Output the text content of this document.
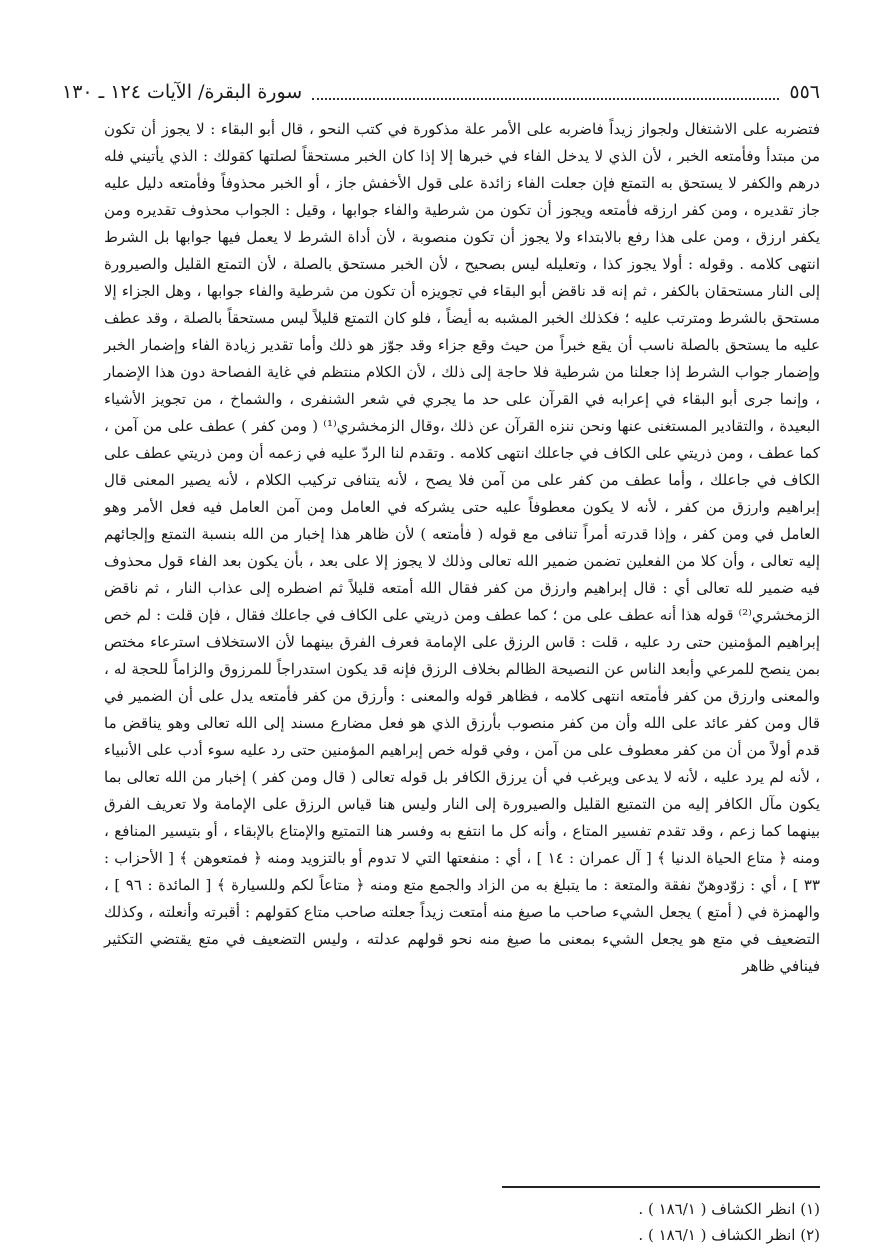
٥٥٦
سورة البقرة/ الآيات ١٢٤ ـ ١٣٠

فتضربه على الاشتغال ولجواز زيداً فاضربه على الأمر علة مذكورة في كتب النحو ، قال أبو البقاء : لا يجوز أن تكون من مبتدأ وفأمتعه الخبر ، لأن الذي لا يدخل الفاء في خبرها إلا إذا كان الخبر مستحقاً لصلتها كقولك : الذي يأتيني فله درهم والكفر لا يستحق به التمتع فإن جعلت الفاء زائدة على قول الأخفش جاز ، أو الخبر محذوفاً وفأمتعه دليل عليه جاز تقديره ، ومن كفر ارزقه فأمتعه ويجوز أن تكون من شرطية والفاء جوابها ، وقيل : الجواب محذوف تقديره ومن يكفر ارزق ، ومن على هذا رفع بالابتداء ولا يجوز أن تكون منصوبة ، لأن أداة الشرط لا يعمل فيها جوابها بل الشرط انتهى كلامه . وقوله : أولا يجوز كذا ، وتعليله ليس بصحيح ، لأن الخبر مستحق بالصلة ، لأن التمتع القليل والصيرورة إلى النار مستحقان بالكفر ، ثم إنه قد ناقض أبو البقاء في تجويزه أن تكون من شرطية والفاء جوابها ، وهل الجزاء إلا مستحق بالشرط ومترتب عليه ؛ فكذلك الخبر المشبه به أيضاً ، فلو كان التمتع قليلاً ليس مستحقاً بالصلة ، وقد عطف عليه ما يستحق بالصلة ناسب أن يقع خبراً من حيث وقع جزاء وقد جوّز هو ذلك وأما تقدير زيادة الفاء وإضمار الخبر وإضمار جواب الشرط إذا جعلنا من شرطية فلا حاجة إلى ذلك ، لأن الكلام منتظم في غاية الفصاحة دون هذا الإضمار ، وإنما جرى أبو البقاء في إعرابه في القرآن على حد ما يجري في شعر الشنفرى ، والشماخ ، من تجويز الأشياء البعيدة ، والتقادير المستغنى عنها ونحن ننزه القرآن عن ذلك ،وقال الزمخشري⁽¹⁾ ( ومن كفر ) عطف على من آمن ، كما عطف ، ومن ذريتي على الكاف في جاعلك انتهى كلامه . وتقدم لنا الردّ عليه في زعمه أن ومن ذريتي عطف على الكاف في جاعلك ، وأما عطف من كفر على من آمن فلا يصح ، لأنه يتنافى تركيب الكلام ، لأنه يصير المعنى قال إبراهيم وارزق من كفر ، لأنه لا يكون معطوفاً عليه حتى يشركه في العامل ومن آمن العامل فيه فعل الأمر وهو العامل في ومن كفر ، وإذا قدرته أمراً تنافى مع قوله ( فأمتعه ) لأن ظاهر هذا إخبار من الله بنسبة التمتع وإلجائهم إليه تعالى ، وأن كلا من الفعلين تضمن ضمير الله تعالى وذلك لا يجوز إلا على بعد ، بأن يكون بعد الفاء قول محذوف فيه ضمير لله تعالى أي : قال إبراهيم وارزق من كفر فقال الله أمتعه قليلاً ثم اضطره إلى عذاب النار ، ثم ناقض الزمخشري⁽²⁾ قوله هذا أنه عطف على من ؛ كما عطف ومن ذريتي على الكاف في جاعلك فقال ، فإن قلت : لم خص إبراهيم المؤمنين حتى رد عليه ، قلت : قاس الرزق على الإمامة فعرف الفرق بينهما لأن الاستخلاف استرعاء مختص بمن ينصح للمرعي وأبعد الناس عن النصيحة الظالم بخلاف الرزق فإنه قد يكون استدراجاً للمرزوق والزاماً للحجة له ، والمعنى وارزق من كفر فأمتعه انتهى كلامه ، فظاهر قوله والمعنى : وأرزق من كفر فأمتعه يدل على أن الضمير في قال ومن كفر عائد على الله وأن من كفر منصوب بأرزق الذي هو فعل مضارع مسند إلى الله تعالى وهو يناقض ما قدم أولاً من أن من كفر معطوف على من آمن ، وفي قوله خص إبراهيم المؤمنين حتى رد عليه سوء أدب على الأنبياء ، لأنه لم يرد عليه ، لأنه لا يدعى ويرغب في أن يرزق الكافر بل قوله تعالى ( قال ومن كفر ) إخبار من الله تعالى بما يكون مآل الكافر إليه من التمتيع القليل والصيرورة إلى النار وليس هنا قياس الرزق على الإمامة ولا تعريف الفرق بينهما كما زعم ، وقد تقدم تفسير المتاع ، وأنه كل ما انتفع به وفسر هنا التمتيع والإمتاع بالإبقاء ، أو بتيسير المنافع ، ومنه ﴿ متاع الحياة الدنيا ﴾ [ آل عمران : ١٤ ] ، أي : منفعتها التي لا تدوم أو بالتزويد ومنه ﴿ فمتعوهن ﴾ [ الأحزاب : ٣٣ ] ، أي : زوّدوهنّ نفقة والمتعة : ما يتبلغ به من الزاد والجمع متع ومنه ﴿ متاعاً لكم وللسيارة ﴾ [ المائدة : ٩٦ ] ، والهمزة في ( أمتع ) يجعل الشيء صاحب ما صيغ منه أمتعت زيداً جعلته صاحب متاع كقولهم : أقبرته وأنعلته ، وكذلك التضعيف في متع هو يجعل الشيء بمعنى ما صيغ منه نحو قولهم عدلته ، وليس التضعيف في متع يقتضي التكثير فينافي ظاهر

(١) انظر الكشاف ( ١٨٦/١ ) .
(٢) انظر الكشاف ( ١٨٦/١ ) .
